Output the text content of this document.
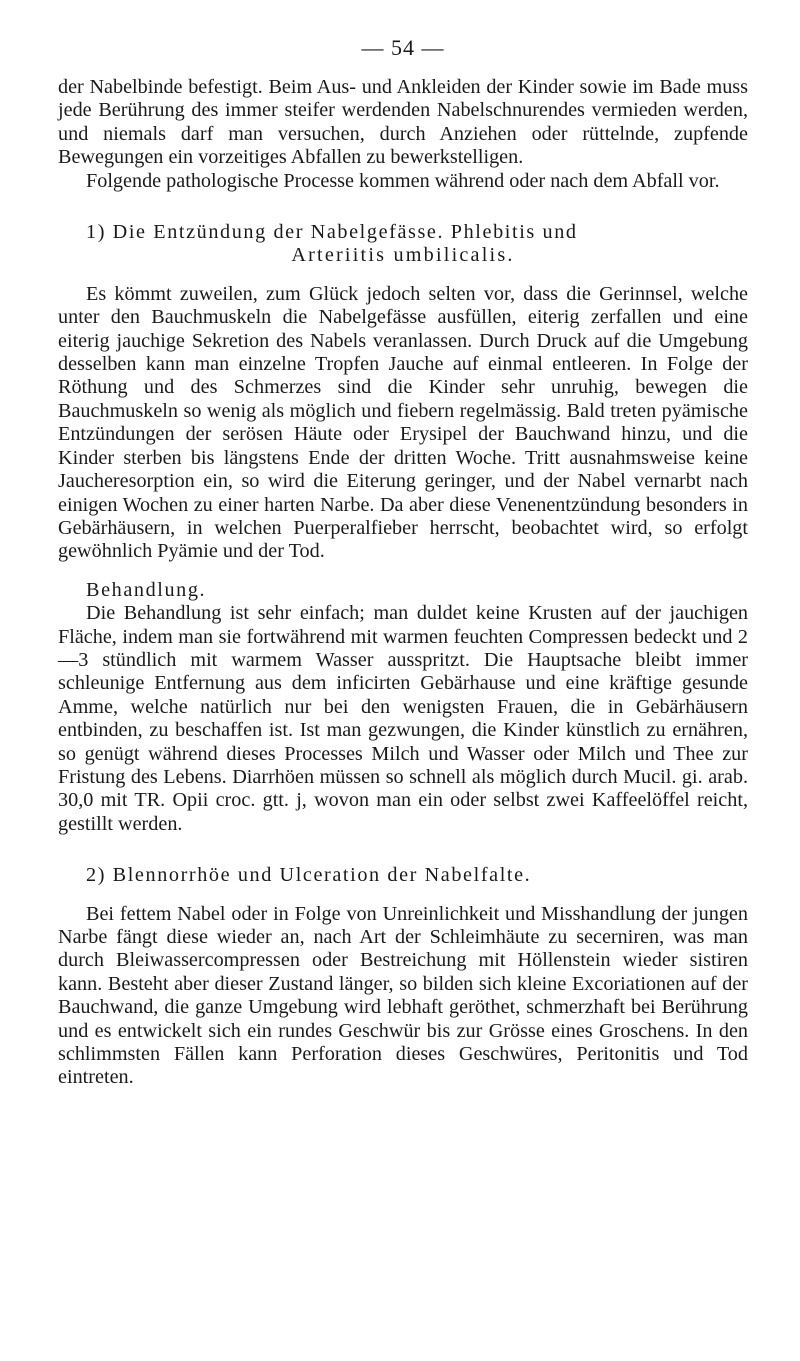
— 54 —

der Nabelbinde befestigt. Beim Aus- und Ankleiden der Kinder sowie im Bade muss jede Berührung des immer steifer werdenden Nabelschnurendes vermieden werden, und niemals darf man versuchen, durch Anziehen oder rüttelnde, zupfende Bewegungen ein vorzeitiges Abfallen zu bewerkstelligen.

Folgende pathologische Processe kommen während oder nach dem Abfall vor.

1) Die Entzündung der Nabelgefässe. Phlebitis und

Arteriitis umbilicalis.

Es kömmt zuweilen, zum Glück jedoch selten vor, dass die Gerinnsel, welche unter den Bauchmuskeln die Nabelgefässe ausfüllen, eiterig zerfallen und eine eiterig jauchige Sekretion des Nabels veranlassen. Durch Druck auf die Umgebung desselben kann man einzelne Tropfen Jauche auf einmal entleeren. In Folge der Röthung und des Schmerzes sind die Kinder sehr unruhig, bewegen die Bauchmuskeln so wenig als möglich und fiebern regelmässig. Bald treten pyämische Entzündungen der serösen Häute oder Erysipel der Bauchwand hinzu, und die Kinder sterben bis längstens Ende der dritten Woche. Tritt ausnahmsweise keine Jaucheresorption ein, so wird die Eiterung geringer, und der Nabel vernarbt nach einigen Wochen zu einer harten Narbe. Da aber diese Venenentzündung besonders in Gebärhäusern, in welchen Puerperalfieber herrscht, beobachtet wird, so erfolgt gewöhnlich Pyämie und der Tod.

Behandlung.

Die Behandlung ist sehr einfach; man duldet keine Krusten auf der jauchigen Fläche, indem man sie fortwährend mit warmen feuchten Compressen bedeckt und 2—3 stündlich mit warmem Wasser ausspritzt. Die Hauptsache bleibt immer schleunige Entfernung aus dem inficirten Gebärhause und eine kräftige gesunde Amme, welche natürlich nur bei den wenigsten Frauen, die in Gebärhäusern entbinden, zu beschaffen ist. Ist man gezwungen, die Kinder künstlich zu ernähren, so genügt während dieses Processes Milch und Wasser oder Milch und Thee zur Fristung des Lebens. Diarrhöen müssen so schnell als möglich durch Mucil. gi. arab. 30,0 mit TR. Opii croc. gtt. j, wovon man ein oder selbst zwei Kaffeelöffel reicht, gestillt werden.

2) Blennorrhöe und Ulceration der Nabelfalte.

Bei fettem Nabel oder in Folge von Unreinlichkeit und Misshandlung der jungen Narbe fängt diese wieder an, nach Art der Schleimhäute zu secerniren, was man durch Bleiwassercompressen oder Bestreichung mit Höllenstein wieder sistiren kann. Besteht aber dieser Zustand länger, so bilden sich kleine Excoriationen auf der Bauchwand, die ganze Umgebung wird lebhaft geröthet, schmerzhaft bei Berührung und es entwickelt sich ein rundes Geschwür bis zur Grösse eines Groschens. In den schlimmsten Fällen kann Perforation dieses Geschwüres, Peritonitis und Tod eintreten.
